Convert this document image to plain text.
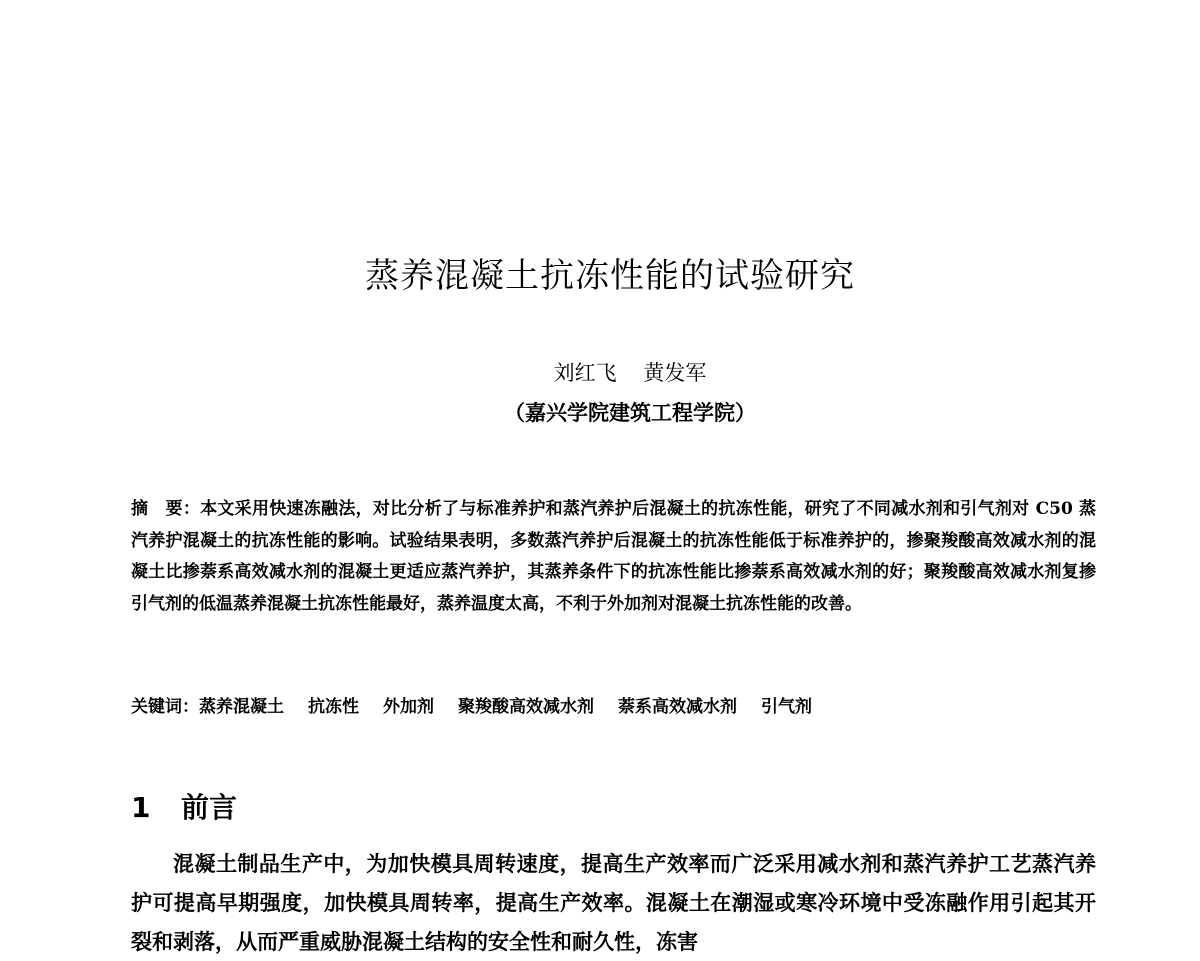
蒸养混凝土抗冻性能的试验研究
刘红飞    黄发军
（嘉兴学院建筑工程学院）
摘　要：本文采用快速冻融法，对比分析了与标准养护和蒸汽养护后混凝土的抗冻性能，研究了不同减水剂和引气剂对 C50 蒸汽养护混凝土的抗冻性能的影响。试验结果表明，多数蒸汽养护后混凝土的抗冻性能低于标准养护的，掺聚羧酸高效减水剂的混凝土比掺萘系高效减水剂的混凝土更适应蒸汽养护，其蒸养条件下的抗冻性能比掺萘系高效减水剂的好；聚羧酸高效减水剂复掺引气剂的低温蒸养混凝土抗冻性能最好，蒸养温度太高，不利于外加剂对混凝土抗冻性能的改善。
关键词：蒸养混凝土 抗冻性 外加剂 聚羧酸高效减水剂 萘系高效减水剂 引气剂
1 前言
混凝土制品生产中，为加快模具周转速度，提高生产效率而广泛采用减水剂和蒸汽养护工艺蒸汽养护可提高早期强度，加快模具周转率，提高生产效率。混凝土在潮湿或寒冷环境中受冻融作用引起其开裂和剥落，从而严重威胁混凝土结构的安全性和耐久性，冻害
